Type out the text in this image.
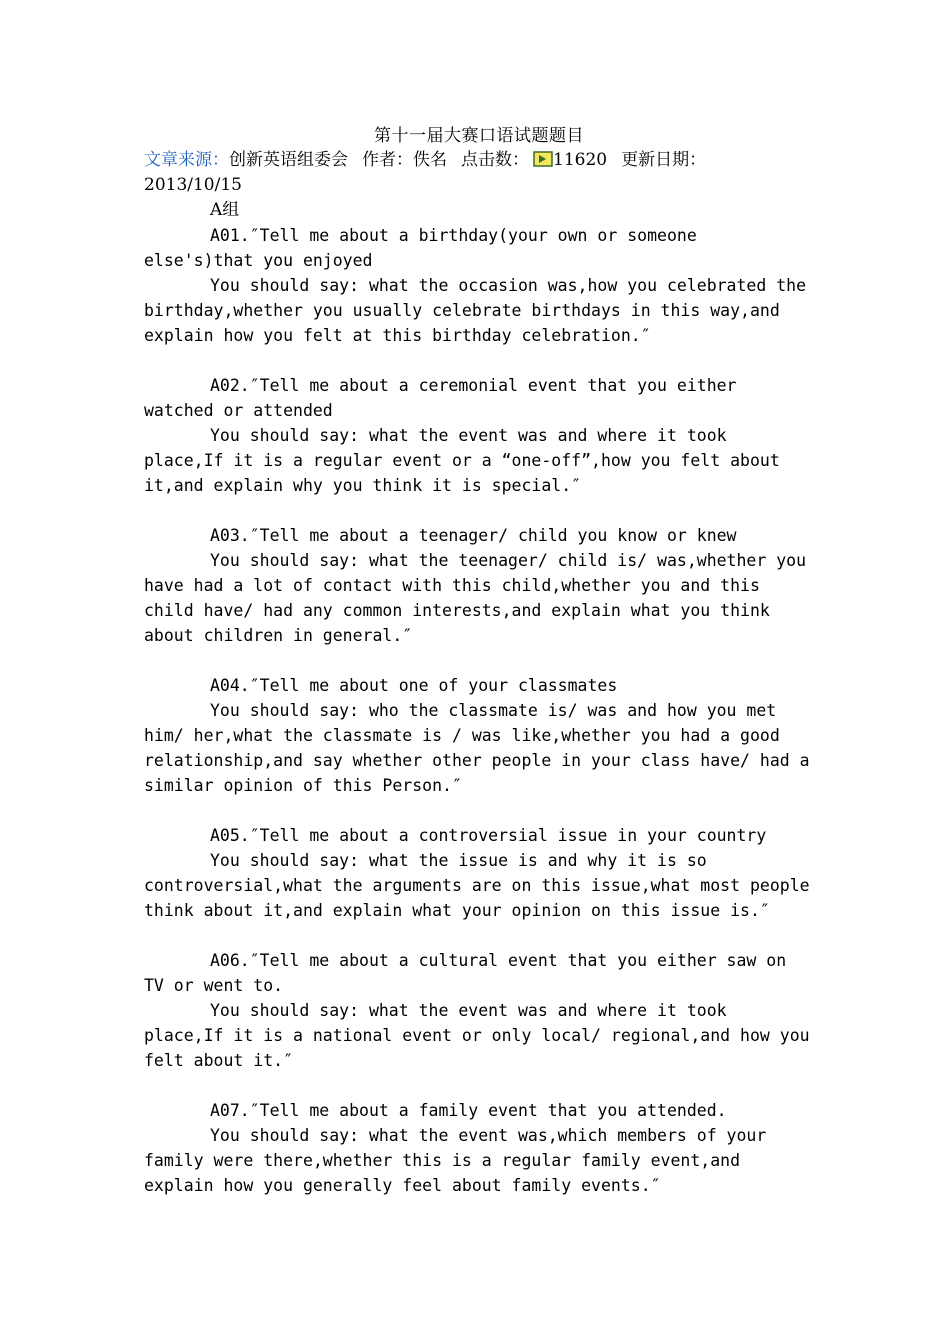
第十一届大赛口语试题题目
文章来源：创新英语组委会 作者：佚名 点击数： 11620 更新日期：
2013/10/15
A组
A01.″Tell me about a birthday(your own or someone else's)that you enjoyed
You should say: what the occasion was,how you celebrated the birthday,whether you usually celebrate birthdays in this way,and explain how you felt at this birthday celebration.″
A02.″Tell me about a ceremonial event that you either watched or attended
You should say: what the event was and where it took place,If it is a regular event or a “one-off”,how you felt about it,and explain why you think it is special.″
A03.″Tell me about a teenager/ child you know or knew
You should say: what the teenager/ child is/ was,whether you have had a lot of contact with this child,whether you and this child have/ had any common interests,and explain what you think about children in general.″
A04.″Tell me about one of your classmates
You should say: who the classmate is/ was and how you met him/ her,what the classmate is / was like,whether you had a good relationship,and say whether other people in your class have/ had a similar opinion of this Person.″
A05.″Tell me about a controversial issue in your country
You should say: what the issue is and why it is so controversial,what the arguments are on this issue,what most people think about it,and explain what your opinion on this issue is.″
A06.″Tell me about a cultural event that you either saw on TV or went to.
You should say: what the event was and where it took place,If it is a national event or only local/ regional,and how you felt about it.″
A07.″Tell me about a family event that you attended.
You should say: what the event was,which members of your family were there,whether this is a regular family event,and explain how you generally feel about family events.″
